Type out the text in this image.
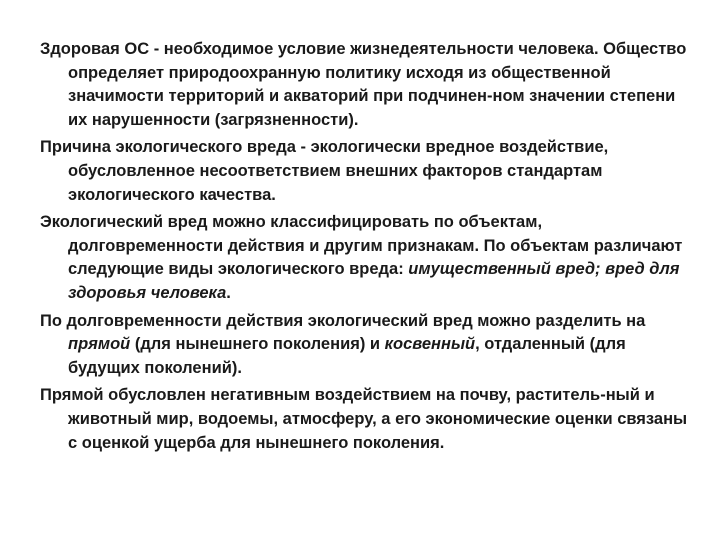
Здоровая ОС - необходимое условие жизнедеятельности человека. Общество определяет природоохранную политику исходя из общественной значимости территорий и акваторий при подчинен-ном значении степени их нарушенности (загрязненности).

Причина экологического вреда - экологически вредное воздействие, обусловленное несоответствием внешних факторов стандартам экологического качества.

Экологический вред можно классифицировать по объектам, долговременности действия и другим признакам. По объектам различают следующие виды экологического вреда: имущественный вред; вред для здоровья человека.

По долговременности действия экологический вред можно разделить на прямой (для нынешнего поколения) и косвенный, отдаленный (для будущих поколений).

Прямой обусловлен негативным воздействием на почву, раститель-ный и животный мир, водоемы, атмосферу, а его экономические оценки связаны с оценкой ущерба для нынешнего поколения.
